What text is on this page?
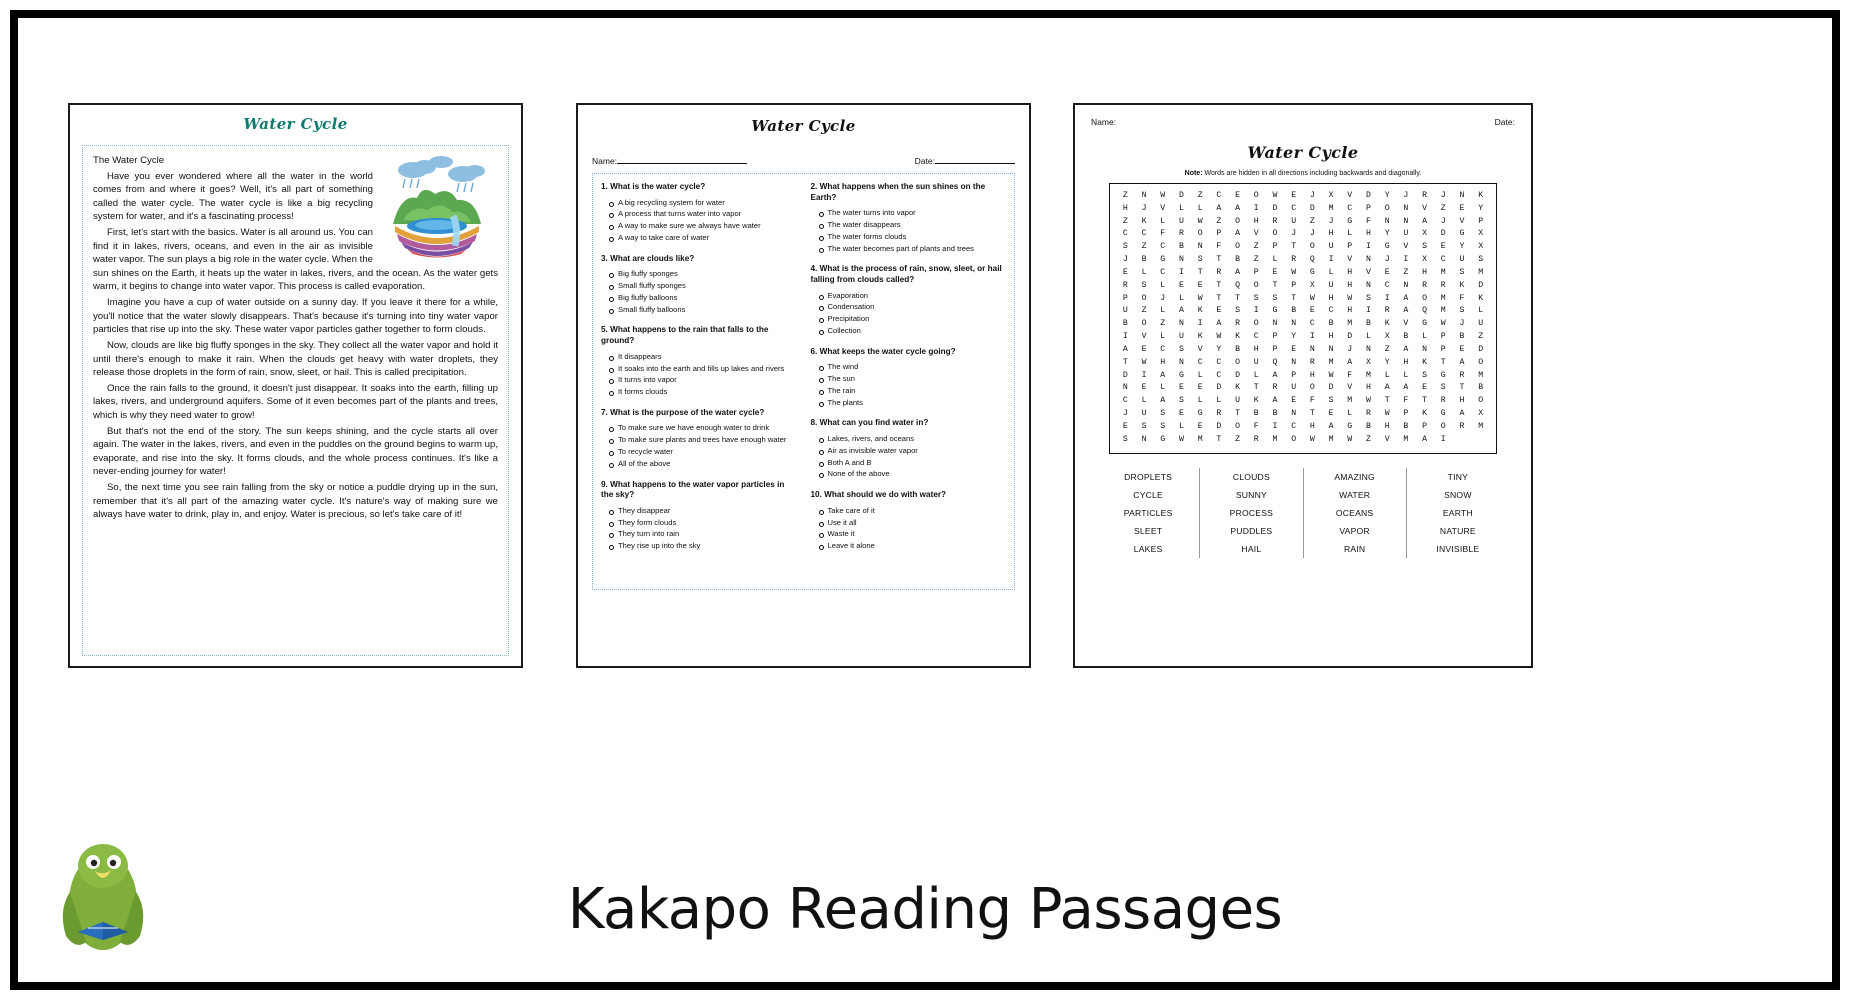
Water Cycle

The Water Cycle

Have you ever wondered where all the water in the world comes from and where it goes? Well, it's all part of something called the water cycle. The water cycle is like a big recycling system for water, and it's a fascinating process!

First, let's start with the basics. Water is all around us. You can find it in lakes, rivers, oceans, and even in the air as invisible water vapor. The sun plays a big role in the water cycle. When the sun shines on the Earth, it heats up the water in lakes, rivers, and the ocean. As the water gets warm, it begins to change into water vapor. This process is called evaporation.

Imagine you have a cup of water outside on a sunny day. If you leave it there for a while, you'll notice that the water slowly disappears. That's because it's turning into tiny water vapor particles that rise up into the sky. These water vapor particles gather together to form clouds.

Now, clouds are like big fluffy sponges in the sky. They collect all the water vapor and hold it until there's enough to make it rain. When the clouds get heavy with water droplets, they release those droplets in the form of rain, snow, sleet, or hail. This is called precipitation.

Once the rain falls to the ground, it doesn't just disappear. It soaks into the earth, filling up lakes, rivers, and underground aquifers. Some of it even becomes part of the plants and trees, which is why they need water to grow!

But that's not the end of the story. The sun keeps shining, and the cycle starts all over again. The water in the lakes, rivers, and even in the puddles on the ground begins to warm up, evaporate, and rise into the sky. It forms clouds, and the whole process continues. It's like a never-ending journey for water!

So, the next time you see rain falling from the sky or notice a puddle drying up in the sun, remember that it's all part of the amazing water cycle. It's nature's way of making sure we always have water to drink, play in, and enjoy. Water is precious, so let's take care of it!

Water Cycle
Name:	Date:
1. What is the water cycle?
A big recycling system for water
A process that turns water into vapor
A way to make sure we always have water
A way to take care of water
3. What are clouds like?
Big fluffy sponges
Small fluffy sponges
Big fluffy balloons
Small fluffy balloons
5. What happens to the rain that falls to the ground?
It disappears
It soaks into the earth and fills up lakes and rivers
It turns into vapor
It forms clouds
7. What is the purpose of the water cycle?
To make sure we have enough water to drink
To make sure plants and trees have enough water
To recycle water
All of the above
9. What happens to the water vapor particles in the sky?
They disappear
They form clouds
They turn into rain
They rise up into the sky
2. What happens when the sun shines on the Earth?
The water turns into vapor
The water disappears
The water forms clouds
The water becomes part of plants and trees
4. What is the process of rain, snow, sleet, or hail falling from clouds called?
Evaporation
Condensation
Precipitation
Collection
6. What keeps the water cycle going?
The wind
The sun
The rain
The plants
8. What can you find water in?
Lakes, rivers, and oceans
Air as invisible water vapor
Both A and B
None of the above
10. What should we do with water?
Take care of it
Use it all
Waste it
Leave it alone
Name:	Date:
Water Cycle
Note: Words are hidden in all directions including backwards and diagonally.
Z	N	W	D	Z	C	E	O	W	E	J	X	V	D	Y	J	R	J	N	K
H	J	V	L	L	A	A	I	D	C	D	M	C	P	O	N	V	Z	E	Y
Z	K	L	U	W	Z	O	H	R	U	Z	J	G	F	N	N	A	J	V	P
C	C	F	R	O	P	A	V	O	J	J	H	L	H	Y	U	X	D	G	X
S	Z	C	B	N	F	O	Z	P	T	O	U	P	I	G	V	S	E	Y	X
J	B	G	N	S	T	B	Z	L	R	Q	I	V	N	J	I	X	C	U	S
E	L	C	I	T	R	A	P	E	W	G	L	H	V	E	Z	H	M	S	M
R	S	L	E	E	T	Q	O	T	P	X	U	H	N	C	N	R	R	K	D
P	O	J	L	W	T	T	S	S	T	W	H	W	S	I	A	O	M	F	K
U	Z	L	A	K	E	S	I	G	B	E	C	H	I	R	A	Q	M	S	L
B	O	Z	N	I	A	R	O	N	N	C	B	M	B	K	V	G	W	J	U
I	V	L	U	K	W	K	C	P	Y	I	H	D	L	X	B	L	P	B	Z
A	E	C	S	V	Y	B	H	P	E	N	N	J	N	Z	A	N	P	E	D
T	W	H	N	C	C	O	U	Q	N	R	M	A	X	Y	H	K	T	A	O
D	I	A	G	L	C	D	L	A	P	H	W	F	M	L	L	S	G	R	M
N	E	L	E	E	D	K	T	R	U	O	D	V	H	A	A	E	S	T	B
C	L	A	S	L	L	U	K	A	E	F	S	M	W	T	F	T	R	H	O
J	U	S	E	G	R	T	B	B	N	T	E	L	R	W	P	K	G	A	X
E	S	S	L	E	D	O	F	I	C	H	A	G	B	H	B	P	O	R	M
S	N	G	W	M	T	Z	R	M	O	W	M	W	Z	V	M	A	I
DROPLETS
CYCLE
PARTICLES
SLEET
LAKES
CLOUDS
SUNNY
PROCESS
PUDDLES
HAIL
AMAZING
WATER
OCEANS
VAPOR
RAIN
TINY
SNOW
EARTH
NATURE
INVISIBLE
Kakapo Reading Passages
